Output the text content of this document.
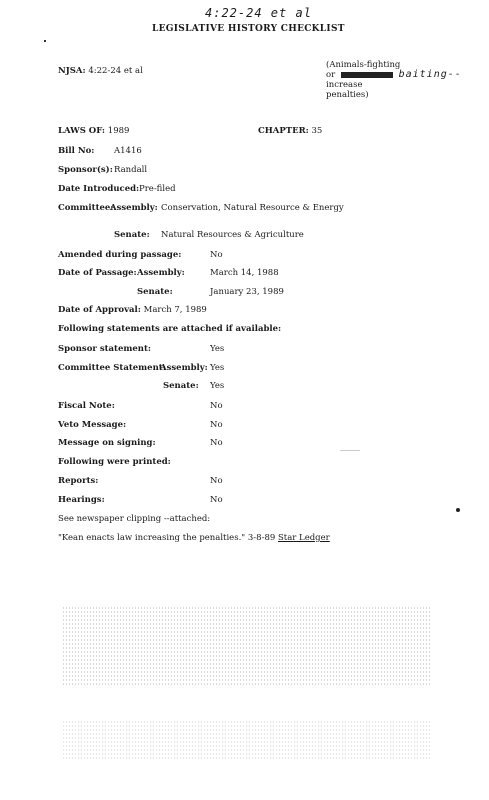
4:22-24 et al
LEGISLATIVE HISTORY CHECKLIST
NJSA: 4:22-24 et al
(Animals-fighting
or	baiting--
increase
penalties)
LAWS OF: 1989	CHAPTER: 35
Bill No: A1416
Sponsor(s): Randall
Date Introduced: Pre-filed
Committee:
Assembly: Conservation, Natural Resource & Energy
Senate: Natural Resources & Agriculture
Amended during passage:	No
Date of Passage: Assembly:	March 14, 1988
Senate:	January 23, 1989
Date of Approval: March 7, 1989
Following statements are attached if available:
Sponsor statement:	Yes
Committee Statement:
Assembly: Yes
Senate: Yes
Fiscal Note:	No
Veto Message:	No
Message on signing:	No
Following were printed:
Reports:	No
Hearings:	No
See newspaper clipping --attached:
"Kean enacts law increasing the penalties." 3-8-89 Star Ledger
